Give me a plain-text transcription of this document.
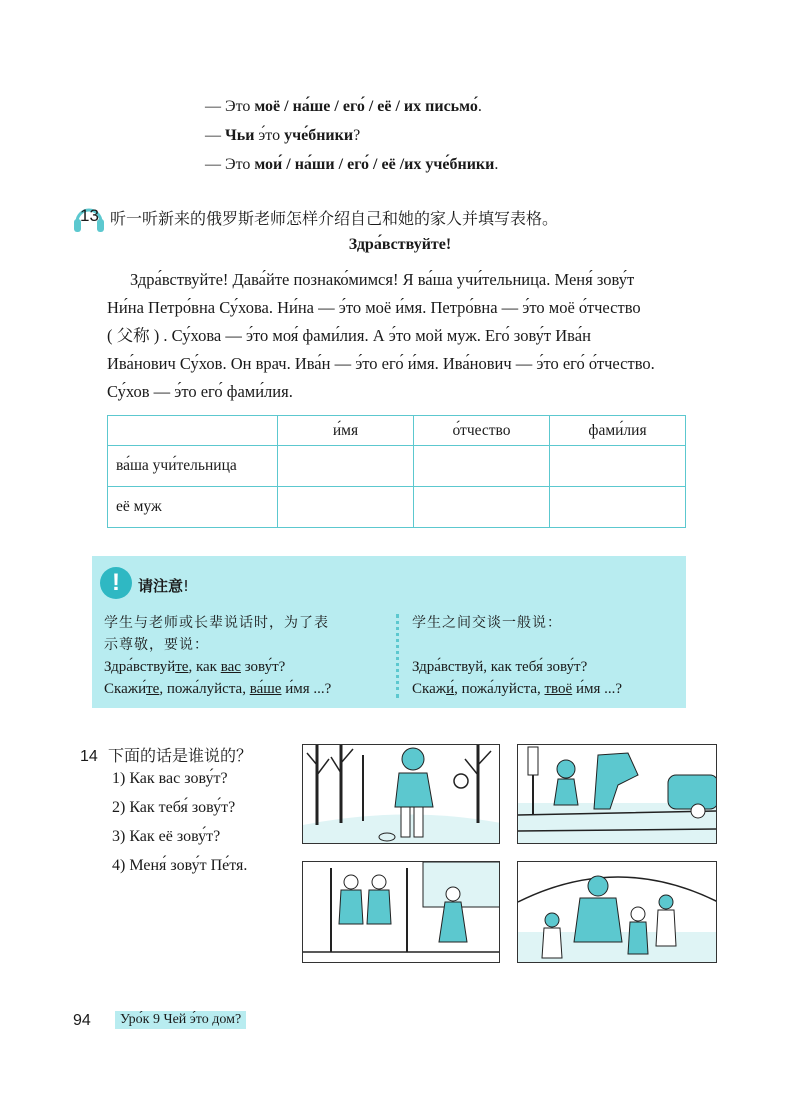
— Это моё / на́ше / его́ / её / их письмо́.
— Чьи э́то уче́бники?
— Это мои́ / на́ши / его́ / её /их уче́бники.
13 听一听新来的俄罗斯老师怎样介绍自己和她的家人并填写表格。
Здра́вствуйте!
Здра́вствуйте! Дава́йте познако́мимся! Я ва́ша учи́тельница. Меня́ зову́т
Ни́на Петро́вна Су́хова. Ни́на — э́то моё и́мя. Петро́вна — э́то моё о́тчество
( 父称 ) . Су́хова — э́то моя́ фами́лия. А э́то мой муж. Его́ зову́т Ива́н
Ива́нович Су́хов. Он врач. Ива́н — э́то его́ и́мя. Ива́нович — э́то его́ о́тчество.
Су́хов — э́то его́ фами́лия.
	и́мя	о́тчество	фами́лия
ва́ша учи́тельница			
её муж			
!	请注意!
学生与老师或长辈说话时，为了表
示尊敬，要说：
Здра́вствуйте, как вас зову́т?
Скажи́те, пожа́луйста, ва́ше и́мя ...?
学生之间交谈一般说：
Здра́вствуй, как тебя́ зову́т?
Скажи́, пожа́луйста, твоё и́мя ...?
14 下面的话是谁说的？
1) Как вас зову́т?
2) Как тебя́ зову́т?
3) Как её зову́т?
4) Меня́ зову́т Пе́тя.
94	Уро́к 9 Чей э́то дом?
